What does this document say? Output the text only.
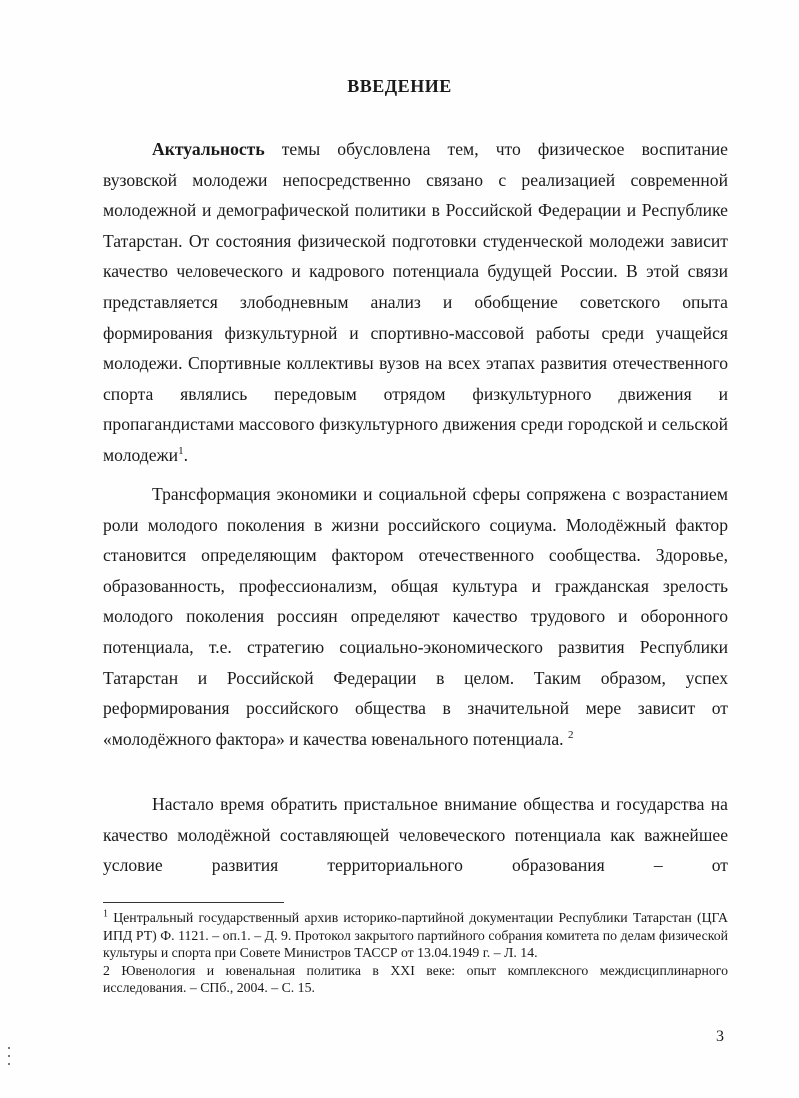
ВВЕДЕНИЕ

Актуальность темы обусловлена тем, что физическое воспитание вузовской молодежи непосредственно связано с реализацией современной молодежной и демографической политики в Российской Федерации и Республике Татарстан. От состояния физической подготовки студенческой молодежи зависит качество человеческого и кадрового потенциала будущей России. В этой связи представляется злободневным анализ и обобщение советского опыта формирования физкультурной и спортивно-массовой работы среди учащейся молодежи. Спортивные коллективы вузов на всех этапах развития отечественного спорта являлись передовым отрядом физкультурного движения и пропагандистами массового физкультурного движения среди городской и сельской молодежи$^1$.

Трансформация экономики и социальной сферы сопряжена с возрастанием роли молодого поколения в жизни российского социума. Молодёжный фактор становится определяющим фактором отечественного сообщества. Здоровье, образованность, профессионализм, общая культура и гражданская зрелость молодого поколения россиян определяют качество трудового и оборонного потенциала, т.е. стратегию социально-экономического развития Республики Татарстан и Российской Федерации в целом. Таким образом, успех реформирования российского общества в значительной мере зависит от «молодёжного фактора» и качества ювенального потенциала. $^2$

Настало время обратить пристальное внимание общества и государства на качество молодёжной составляющей человеческого потенциала как важнейшее условие развития территориального образования – от

$^1$ Центральный государственный архив историко-партийной документации Республики Татарстан (ЦГА ИПД РТ) Ф. 1121. – оп.1. – Д. 9. Протокол закрытого партийного собрания комитета по делам физической культуры и спорта при Совете Министров ТАССР от 13.04.1949 г. – Л. 14.

2 Ювенология и ювенальная политика в XXI веке: опыт комплексного междисциплинарного исследования. – СПб., 2004. – С. 15.

3
